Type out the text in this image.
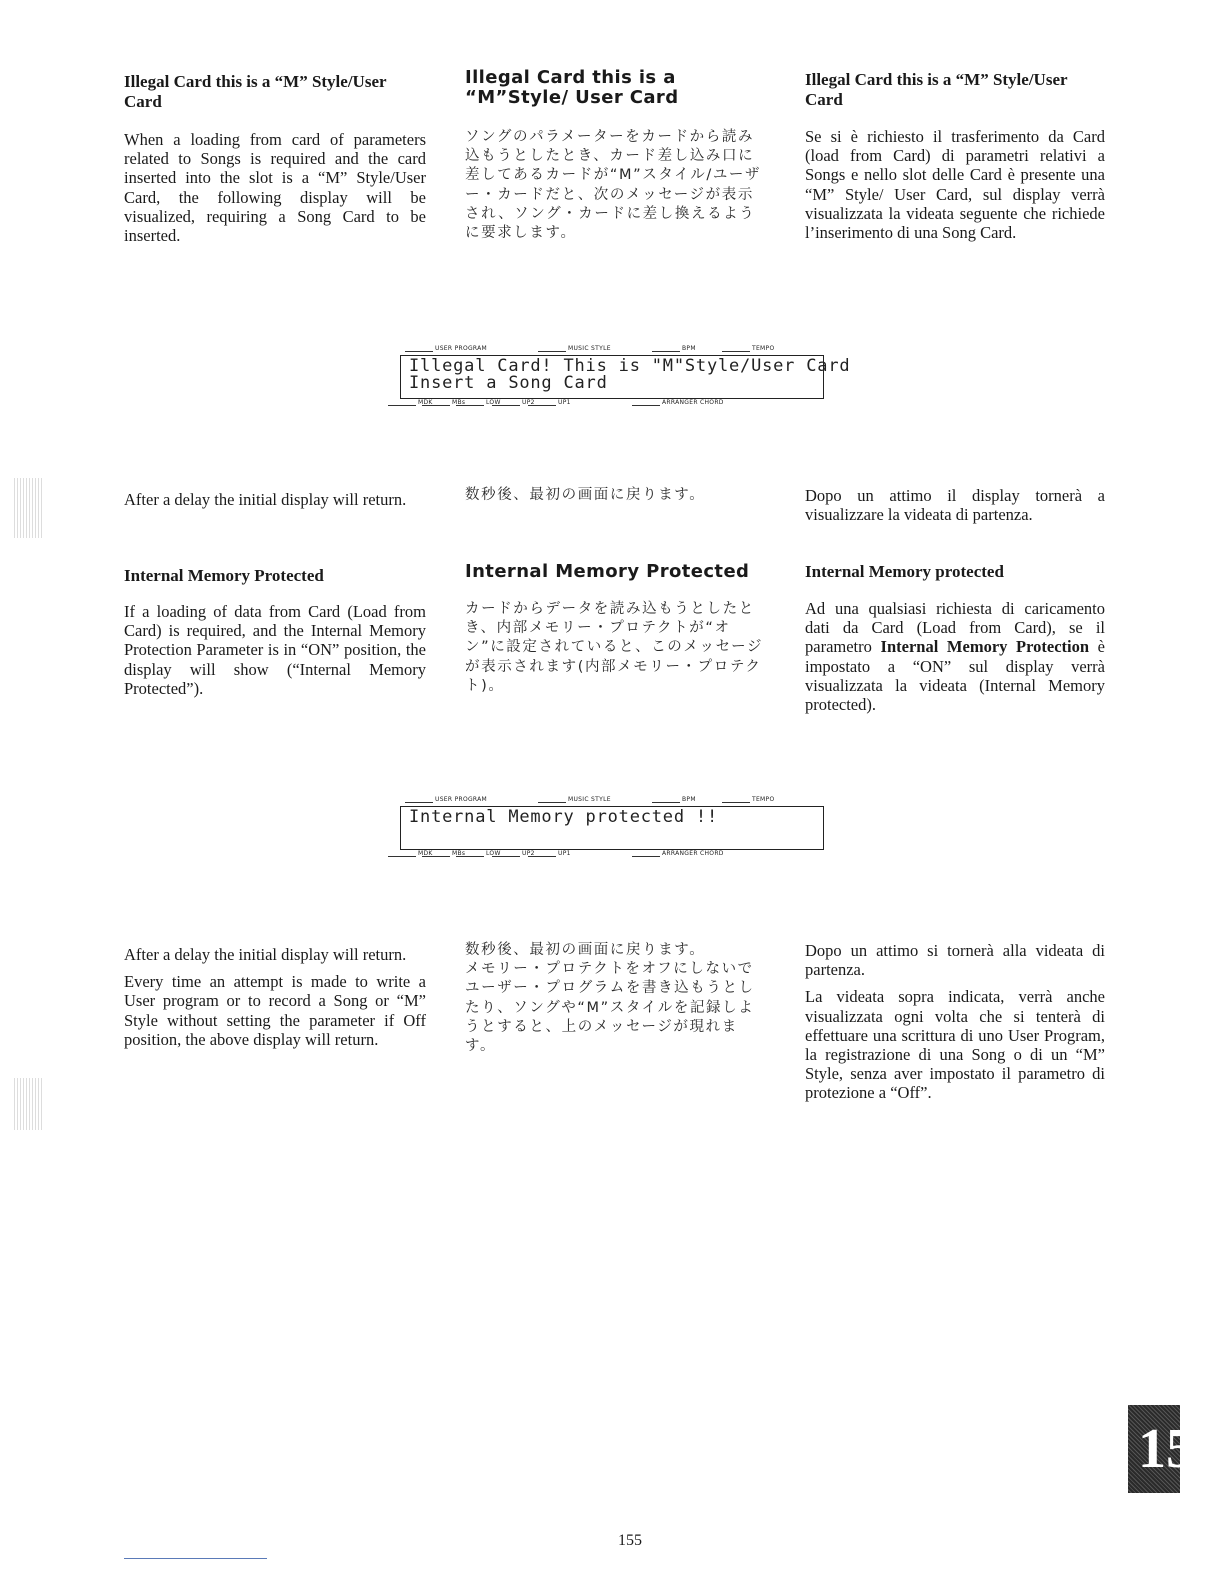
Illegal Card this is a “M” Style/User Card

When a loading from card of parameters related to Songs is required and the card inserted into the slot is a “M” Style/User Card, the following display will be visualized, requiring a Song Card to be inserted.

Illegal Card this is a “M”Style/ User Card

ソングのパラメーターをカードから読み込もうとしたとき、カード差し込み口に差してあるカードが“M”スタイル/ユーザー・カードだと、次のメッセージが表示され、ソング・カードに差し換えるように要求します。

Illegal Card this is a “M” Style/User Card

Se si è richiesto il trasferimento da Card (load from Card) di parametri relativi a Songs e nello slot delle Card è presente una “M” Style/ User Card, sul display verrà visualizzata la videata seguente che richiede l’inserimento di una Song Card.

USER PROGRAM	MUSIC STYLE	BPM	TEMPO
Illegal Card! This is "M"Style/User Card
Insert a Song Card
MDK	MBs	LOW	UP2	UP1	ARRANGER CHORD

After a delay the initial display will return.	数秒後、最初の画面に戻ります。	Dopo un attimo il display tornerà a visualizzare la videata di partenza.

Internal Memory Protected

If a loading of data from Card (Load from Card) is required, and the Internal Memory Protection Parameter is in “ON” position, the display will show (“Internal Memory Protected”).

Internal Memory Protected

カードからデータを読み込もうとしたとき、内部メモリー・プロテクトが“オン”に設定されていると、このメッセージが表示されます(内部メモリー・プロテクト)。

Internal Memory protected

Ad una qualsiasi richiesta di caricamento dati da Card (Load from Card), se il parametro Internal Memory Protection è impostato a “ON” sul display verrà visualizzata la videata (Internal Memory protected).

USER PROGRAM	MUSIC STYLE	BPM	TEMPO
Internal Memory protected !!
MDK	MBs	LOW	UP2	UP1	ARRANGER CHORD

After a delay the initial display will return.

Every time an attempt is made to write a User program or to record a Song or “M” Style without setting the parameter if Off position, the above display will return.

数秒後、最初の画面に戻ります。

メモリー・プロテクトをオフにしないでユーザー・プログラムを書き込もうとしたり、ソングや“M”スタイルを記録しようとすると、上のメッセージが現れます。

Dopo un attimo si tornerà alla videata di partenza.

La videata sopra indicata, verrà anche visualizzata ogni volta che si tenterà di effettuare una scrittura di uno User Program, la registrazione di una Song o di un “M” Style, senza aver impostato il parametro di protezione a “Off”.

15
155
